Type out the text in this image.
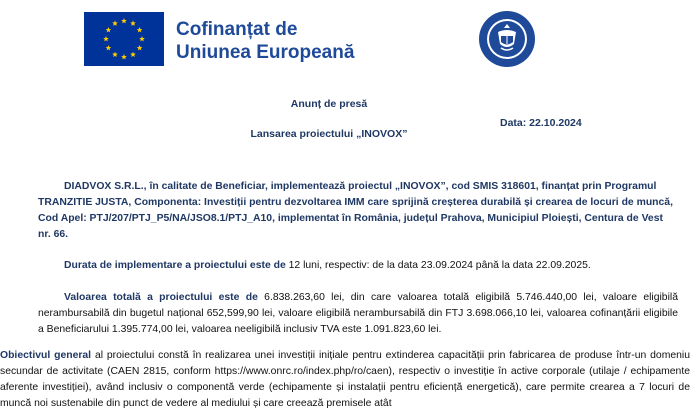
Cofinanțat de
Uniunea Europeană
Anunț de presă
Data: 22.10.2024
Lansarea proiectului „INOVOX”
DIADVOX S.R.L., în calitate de Beneficiar, implementează proiectul „INOVOX”, cod SMIS 318601, finanțat prin Programul TRANZITIE JUSTA, Componenta: Investiții pentru dezvoltarea IMM care sprijină creșterea durabilă și crearea de locuri de muncă, Cod Apel: PTJ/207/PTJ_P5/NA/JSO8.1/PTJ_A10, implementat în România, județul Prahova, Municipiul Ploiești, Centura de Vest nr. 66.
Durata de implementare a proiectului este de 12 luni, respectiv: de la data 23.09.2024 până la data 22.09.2025.
Valoarea totală a proiectului este de 6.838.263,60 lei, din care valoarea totală eligibilă 5.746.440,00 lei, valoare eligibilă nerambursabilă din bugetul național 652,599,90 lei, valoare eligibilă nerambursabilă din FTJ 3.698.066,10 lei, valoarea cofinanțării eligibile a Beneficiarului 1.395.774,00 lei, valoarea neeligibilă inclusiv TVA este 1.091.823,60 lei.
Obiectivul general al proiectului constă în realizarea unei investiții inițiale pentru extinderea capacității prin fabricarea de produse într-un domeniu secundar de activitate (CAEN 2815, conform https://www.onrc.ro/index.php/ro/caen), respectiv o investiție în active corporale (utilaje / echipamente aferente investiției), având inclusiv o componentă verde (echipamente și instalații pentru eficiență energetică), care permite crearea a 7 locuri de muncă noi sustenabile din punct de vedere al mediului și care creează premisele atât
